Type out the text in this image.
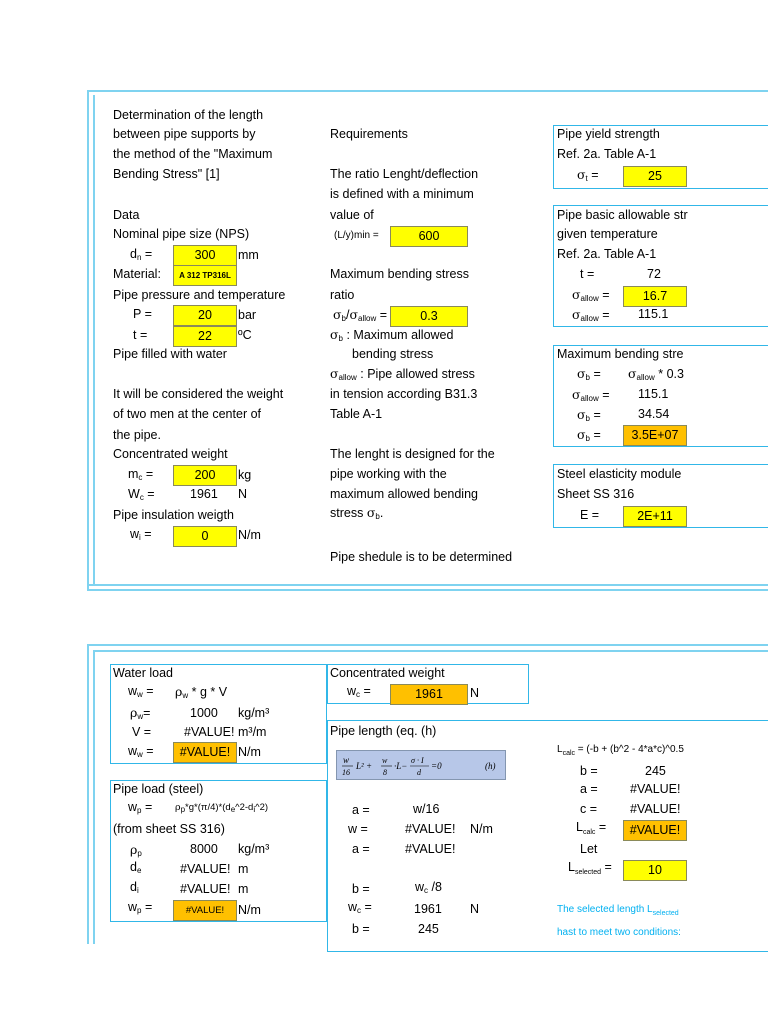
Determination of the length
between pipe supports by
the method of the "Maximum
Bending Stress" [1]
Data
Nominal pipe size (NPS)
$d_n$ =	300	mm
Material:	A 312 TP316L
Pipe pressure and temperature
P =	20	bar
t =	22	ºC
Pipe filled with water
It will be considered the weight
of two men at the center of
the pipe.
Concentrated weight
$m_c$ =	200	kg
$W_c$ =	1961 N
Pipe insulation weigth
$w_i$ =	0	N/m
Requirements
The ratio Lenght/deflection
is defined with a minimum
value of
(L/y)min =	600
Maximum bending stress
ratio
$\sigma_b/\sigma_{allow}$ =	0.3
$\sigma_b$ : Maximum allowed
bending stress
$\sigma_{allow}$ : Pipe allowed stress
in tension according B31.3
Table A-1
The lenght is designed for the
pipe working with the
maximum allowed bending
stress $\sigma_b$.
Pipe shedule is to be determined
Pipe yield strength
Ref. 2a. Table A-1
$\sigma_t$ =	25
Pipe basic allowable str
given temperature
Ref. 2a. Table A-1
t =	72
$\sigma_{allow}$ =	16.7
$\sigma_{allow} = 115.1$
Maximum bending stre
$\sigma_b = \sigma_{allow} * 0.3$
$\sigma_{allow} = 115.1$
$\sigma_b$ =	34.54
$\sigma_b$ =	3.5E+07
Steel elasticity module
Sheet SS 316
E =	2E+11
Water load
$w_w = \rho_w * g * V$
$\rho_w=$	1000 kg/m³
V =	#VALUE! m³/m
$w_w$ =	#VALUE! N/m
Pipe load (steel)
$w_p$ = $\rho_p*g*(\pi/4)*(d_e\^{}2-d_i\^{}2)$
(from sheet SS 316)
$\rho_p$	8000 kg/m³
$d_e$	#VALUE! m
$d_i$	#VALUE! m
$w_p$ =	#VALUE!	N/m
Concentrated weight
$w_c$ =	1961	N
Pipe length (eq. (h)
w
16
L² +
w
8
·L−
σ · I
d
=0	(h)
a =	w/16
w =	#VALUE! N/m
a =	#VALUE!
b =	$w_c$ /8
$w_c$ =	1961 N
b =	245
$L_{calc} = (-b$ + (b^2 - 4*a*c)^0.5
b =	245
a =	#VALUE!
c =	#VALUE!
$L_{calc}$ =	#VALUE!
Let
$L_{selected}$ =	10
The selected length $L_{selected}$
hast to meet two conditions:
